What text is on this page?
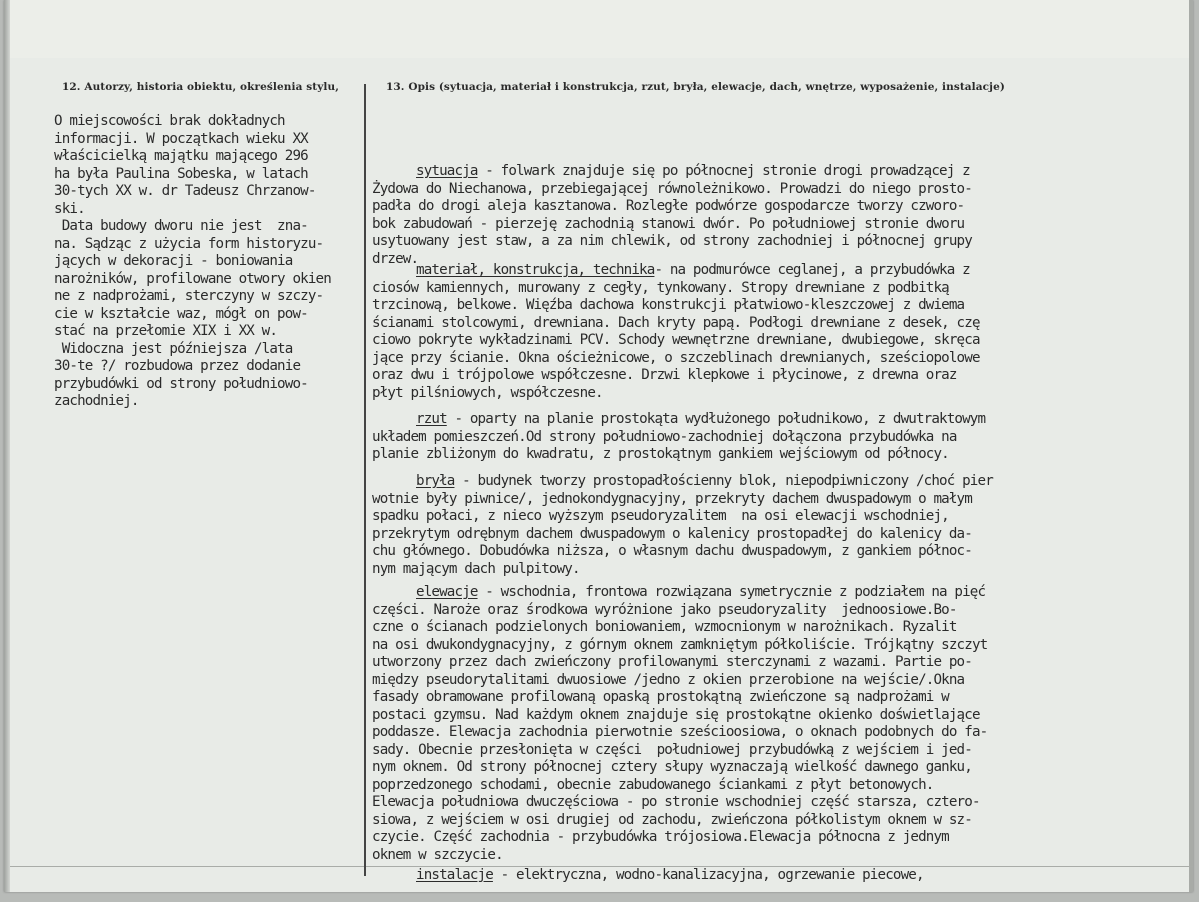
12. Autorzy, historia obiektu, określenia stylu,	13. Opis (sytuacja, materiał i konstrukcja, rzut, bryła, elewacje, dach, wnętrze, wyposażenie, instalacje)
O miejscowości brak dokładnych
informacji. W początkach wieku XX
właścicielką majątku mającego 296
ha była Paulina Sobeska, w latach
30-tych XX w. dr Tadeusz Chrzanow-
ski.
Data budowy dworu nie jest  zna-
na. Sądząc z użycia form historyzu-
jących w dekoracji - boniowania
narożników, profilowane otwory okien
ne z nadprożami, sterczyny w szczy-
cie w kształcie waz, mógł on pow-
stać na przełomie XIX i XX w.
Widoczna jest późniejsza /lata
30-te ?/ rozbudowa przez dodanie
przybudówki od strony południowo-
zachodniej.

sytuacja - folwark znajduje się po północnej stronie drogi prowadzącej z
Żydowa do Niechanowa, przebiegającej równoleżnikowo. Prowadzi do niego prosto-
padła do drogi aleja kasztanowa. Rozległe podwórze gospodarcze tworzy czworo-
bok zabudowań - pierzeję zachodnią stanowi dwór. Po południowej stronie dworu
usytuowany jest staw, a za nim chlewik, od strony zachodniej i północnej grupy
drzew.

materiał, konstrukcja, technika- na podmurówce ceglanej, a przybudówka z
ciosów kamiennych, murowany z cegły, tynkowany. Stropy drewniane z podbitką
trzcinową, belkowe. Więźba dachowa konstrukcji płatwiowo-kleszczowej z dwiema
ścianami stolcowymi, drewniana. Dach kryty papą. Podłogi drewniane z desek, czę
ciowo pokryte wykładzinami PCV. Schody wewnętrzne drewniane, dwubiegowe, skręca
jące przy ścianie. Okna ościeżnicowe, o szczeblinach drewnianych, sześciopolowe
oraz dwu i trójpolowe współczesne. Drzwi klepkowe i płycinowe, z drewna oraz
płyt pilśniowych, współczesne.

rzut - oparty na planie prostokąta wydłużonego południkowo, z dwutraktowym
układem pomieszczeń.Od strony południowo-zachodniej dołączona przybudówka na
planie zbliżonym do kwadratu, z prostokątnym gankiem wejściowym od północy.

bryła - budynek tworzy prostopadłościenny blok, niepodpiwniczony /choć pier
wotnie były piwnice/, jednokondygnacyjny, przekryty dachem dwuspadowym o małym
spadku połaci, z nieco wyższym pseudoryzalitem  na osi elewacji wschodniej,
przekrytym odrębnym dachem dwuspadowym o kalenicy prostopadłej do kalenicy da-
chu głównego. Dobudówka niższa, o własnym dachu dwuspadowym, z gankiem północ-
nym mającym dach pulpitowy.

elewacje - wschodnia, frontowa rozwiązana symetrycznie z podziałem na pięć
części. Naroże oraz środkowa wyróżnione jako pseudoryzality  jednoosiowe.Bo-
czne o ścianach podzielonych boniowaniem, wzmocnionym w narożnikach. Ryzalit
na osi dwukondygnacyjny, z górnym oknem zamkniętym półkoliście. Trójkątny szczyt
utworzony przez dach zwieńczony profilowanymi sterczynami z wazami. Partie po-
między pseudorytalitami dwuosiowe /jedno z okien przerobione na wejście/.Okna
fasady obramowane profilowaną opaską prostokątną zwieńczone są nadprożami w
postaci gzymsu. Nad każdym oknem znajduje się prostokątne okienko doświetlające
poddasze. Elewacja zachodnia pierwotnie sześcioosiowa, o oknach podobnych do fa-
sady. Obecnie przesłonięta w części  południowej przybudówką z wejściem i jed-
nym oknem. Od strony północnej cztery słupy wyznaczają wielkość dawnego ganku,
poprzedzonego schodami, obecnie zabudowanego ściankami z płyt betonowych.
Elewacja południowa dwuczęściowa - po stronie wschodniej część starsza, cztero-
siowa, z wejściem w osi drugiej od zachodu, zwieńczona półkolistym oknem w sz-
czycie. Część zachodnia - przybudówka trójosiowa.Elewacja północna z jednym
oknem w szczycie.

instalacje - elektryczna, wodno-kanalizacyjna, ogrzewanie piecowe,
